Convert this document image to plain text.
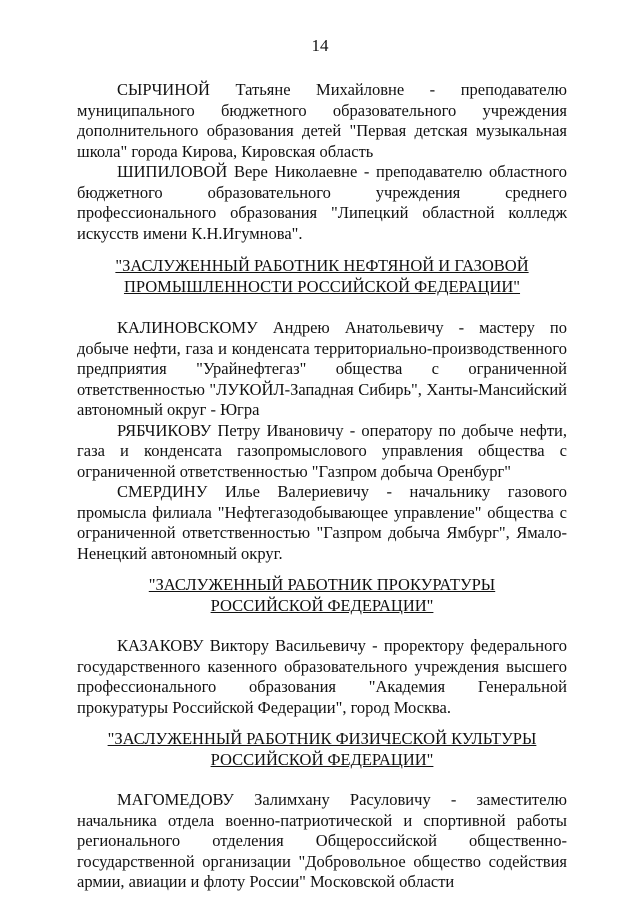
14

СЫРЧИНОЙ Татьяне Михайловне - преподавателю муниципального бюджетного образовательного учреждения дополнительного образования детей "Первая детская музыкальная школа" города Кирова, Кировская область

ШИПИЛОВОЙ Вере Николаевне - преподавателю областного бюджетного образовательного учреждения среднего профессионального образования "Липецкий областной колледж искусств имени К.Н.Игумнова".

"ЗАСЛУЖЕННЫЙ РАБОТНИК НЕФТЯНОЙ И ГАЗОВОЙ ПРОМЫШЛЕННОСТИ РОССИЙСКОЙ ФЕДЕРАЦИИ"

КАЛИНОВСКОМУ Андрею Анатольевичу - мастеру по добыче нефти, газа и конденсата территориально-производственного предприятия "Урайнефтегаз" общества с ограниченной ответственностью "ЛУКОЙЛ-Западная Сибирь", Ханты-Мансийский автономный округ - Югра

РЯБЧИКОВУ Петру Ивановичу - оператору по добыче нефти, газа и конденсата газопромыслового управления общества с ограниченной ответственностью "Газпром добыча Оренбург"

СМЕРДИНУ Илье Валериевичу - начальнику газового промысла филиала "Нефтегазодобывающее управление" общества с ограниченной ответственностью "Газпром добыча Ямбург", Ямало-Ненецкий автономный округ.

"ЗАСЛУЖЕННЫЙ РАБОТНИК ПРОКУРАТУРЫ РОССИЙСКОЙ ФЕДЕРАЦИИ"

КАЗАКОВУ Виктору Васильевичу - проректору федерального государственного казенного образовательного учреждения высшего профессионального образования "Академия Генеральной прокуратуры Российской Федерации", город Москва.

"ЗАСЛУЖЕННЫЙ РАБОТНИК ФИЗИЧЕСКОЙ КУЛЬТУРЫ РОССИЙСКОЙ ФЕДЕРАЦИИ"

МАГОМЕДОВУ Залимхану Расуловичу - заместителю начальника отдела военно-патриотической и спортивной работы регионального отделения Общероссийской общественно-государственной организации "Добровольное общество содействия армии, авиации и флоту России" Московской области
